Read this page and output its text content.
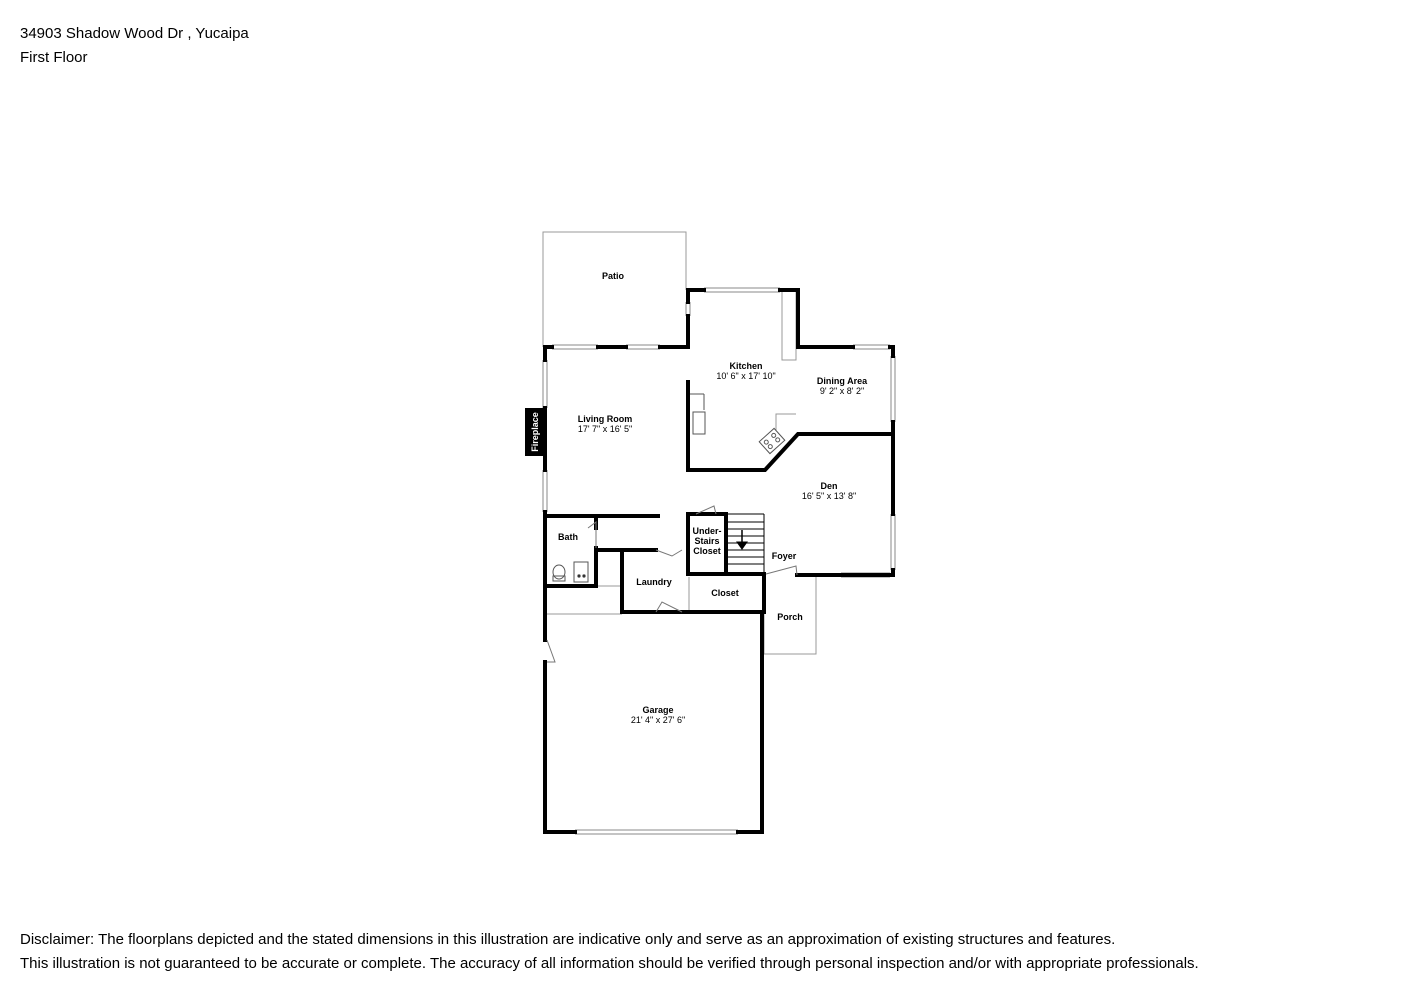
34903 Shadow Wood Dr , Yucaipa
First Floor
Fireplace
Patio
Kitchen
10' 6" x 17' 10"	Dining Area
9' 2" x 8' 2"
Living Room
17' 7" x 16' 5"
Den
16' 5" x 13' 8"
Bath
Under-
Stairs
Closet	Foyer
Laundry
Closet
Porch
Garage
21' 4" x 27' 6"
Disclaimer: The floorplans depicted and the stated dimensions in this illustration are indicative only and serve as an approximation of existing structures and features.
This illustration is not guaranteed to be accurate or complete. The accuracy of all information should be verified through personal inspection and/or with appropriate professionals.
